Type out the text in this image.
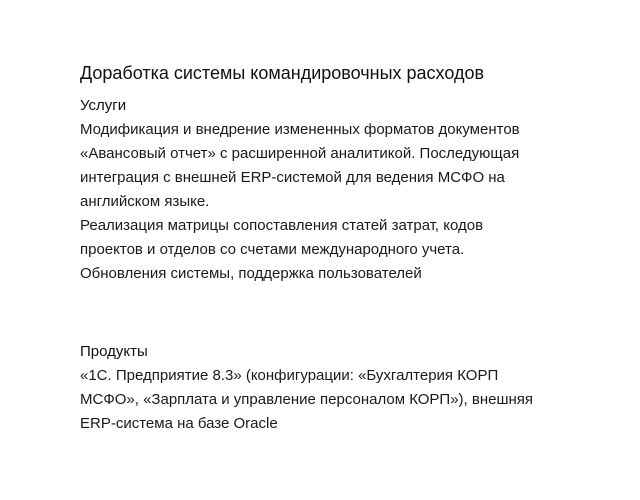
Доработка системы командировочных расходов
Услуги

Модификация и внедрение измененных форматов документов
«Авансовый отчет» с расширенной аналитикой. Последующая
интеграция с внешней ERP-системой для ведения МСФО на
английском языке.
Реализация матрицы сопоставления статей затрат, кодов
проектов и отделов со счетами международного учета.
Обновления системы, поддержка пользователей

Продукты

«1С. Предприятие 8.3» (конфигурации: «Бухгалтерия КОРП
МСФО», «Зарплата и управление персоналом КОРП»), внешняя
ERP-система на базе Oracle
